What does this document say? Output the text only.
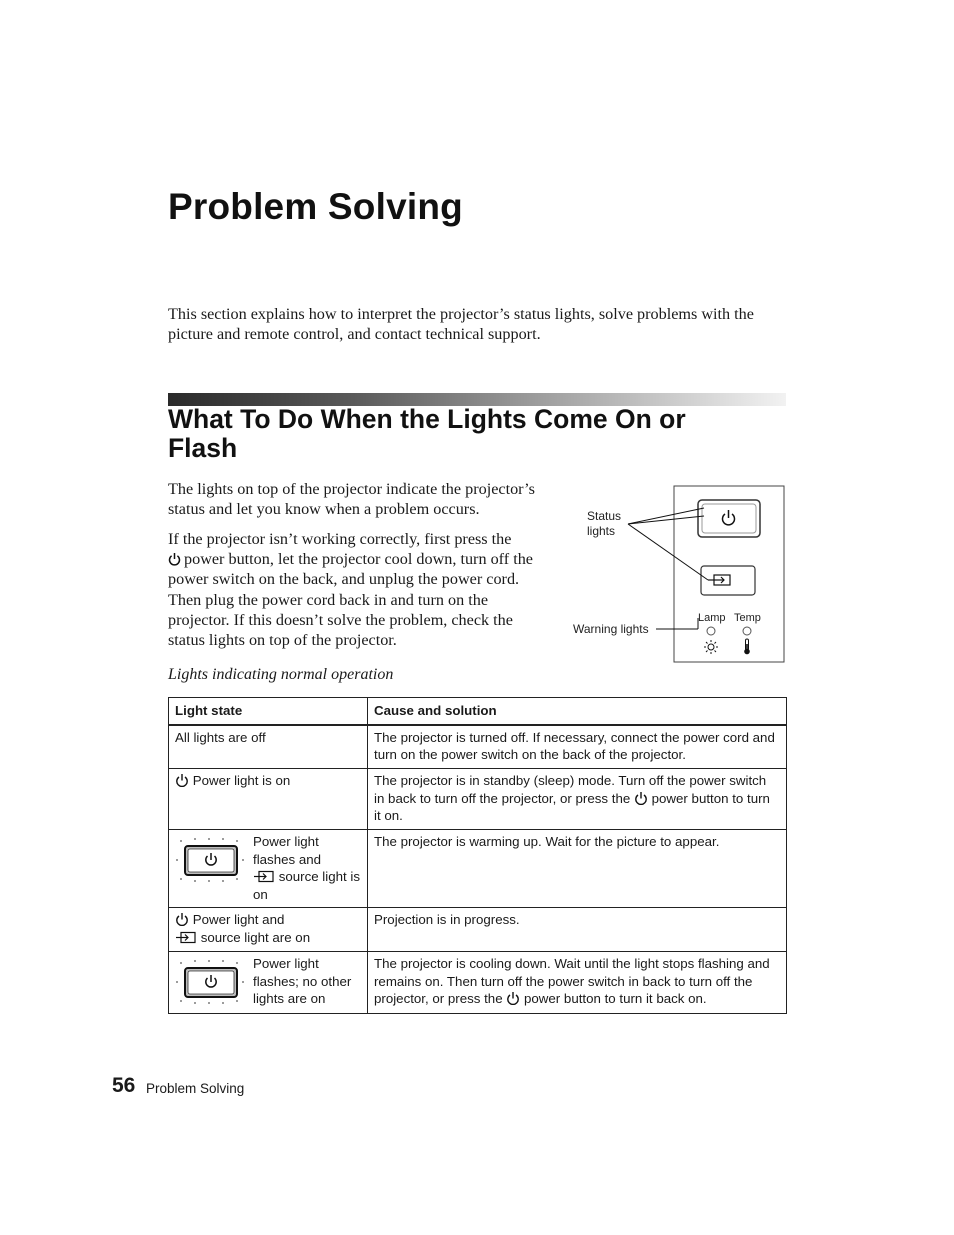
Problem Solving

This section explains how to interpret the projector’s status lights, solve problems with the picture and remote control, and contact technical support.

What To Do When the Lights Come On or Flash

The lights on top of the projector indicate the projector’s status and let you know when a problem occurs.

If the projector isn’t working correctly, first press the
power button, let the projector cool down, turn off the power switch on the back, and unplug the power cord. Then plug the power cord back in and turn on the projector. If this doesn’t solve the problem, check the status lights on top of the projector.

Status
lights
Warning lights
Lamp Temp

Lights indicating normal operation

Light state	Cause and solution
All lights are off	The projector is turned off. If necessary, connect the power cord and turn on the power switch on the back of the projector.
Power light is on	The projector is in standby (sleep) mode. Turn off the power switch in back to turn off the projector, or press the power button to turn it on.

Power light flashes and
source light is on	The projector is warming up. Wait for the picture to appear.
Power light and
source light are on	Projection is in progress.

Power light flashes; no other lights are on	The projector is cooling down. Wait until the light stops flashing and remains on. Then turn off the power switch in back to turn off the projector, or press the power button to turn it back on.

56 Problem Solving
